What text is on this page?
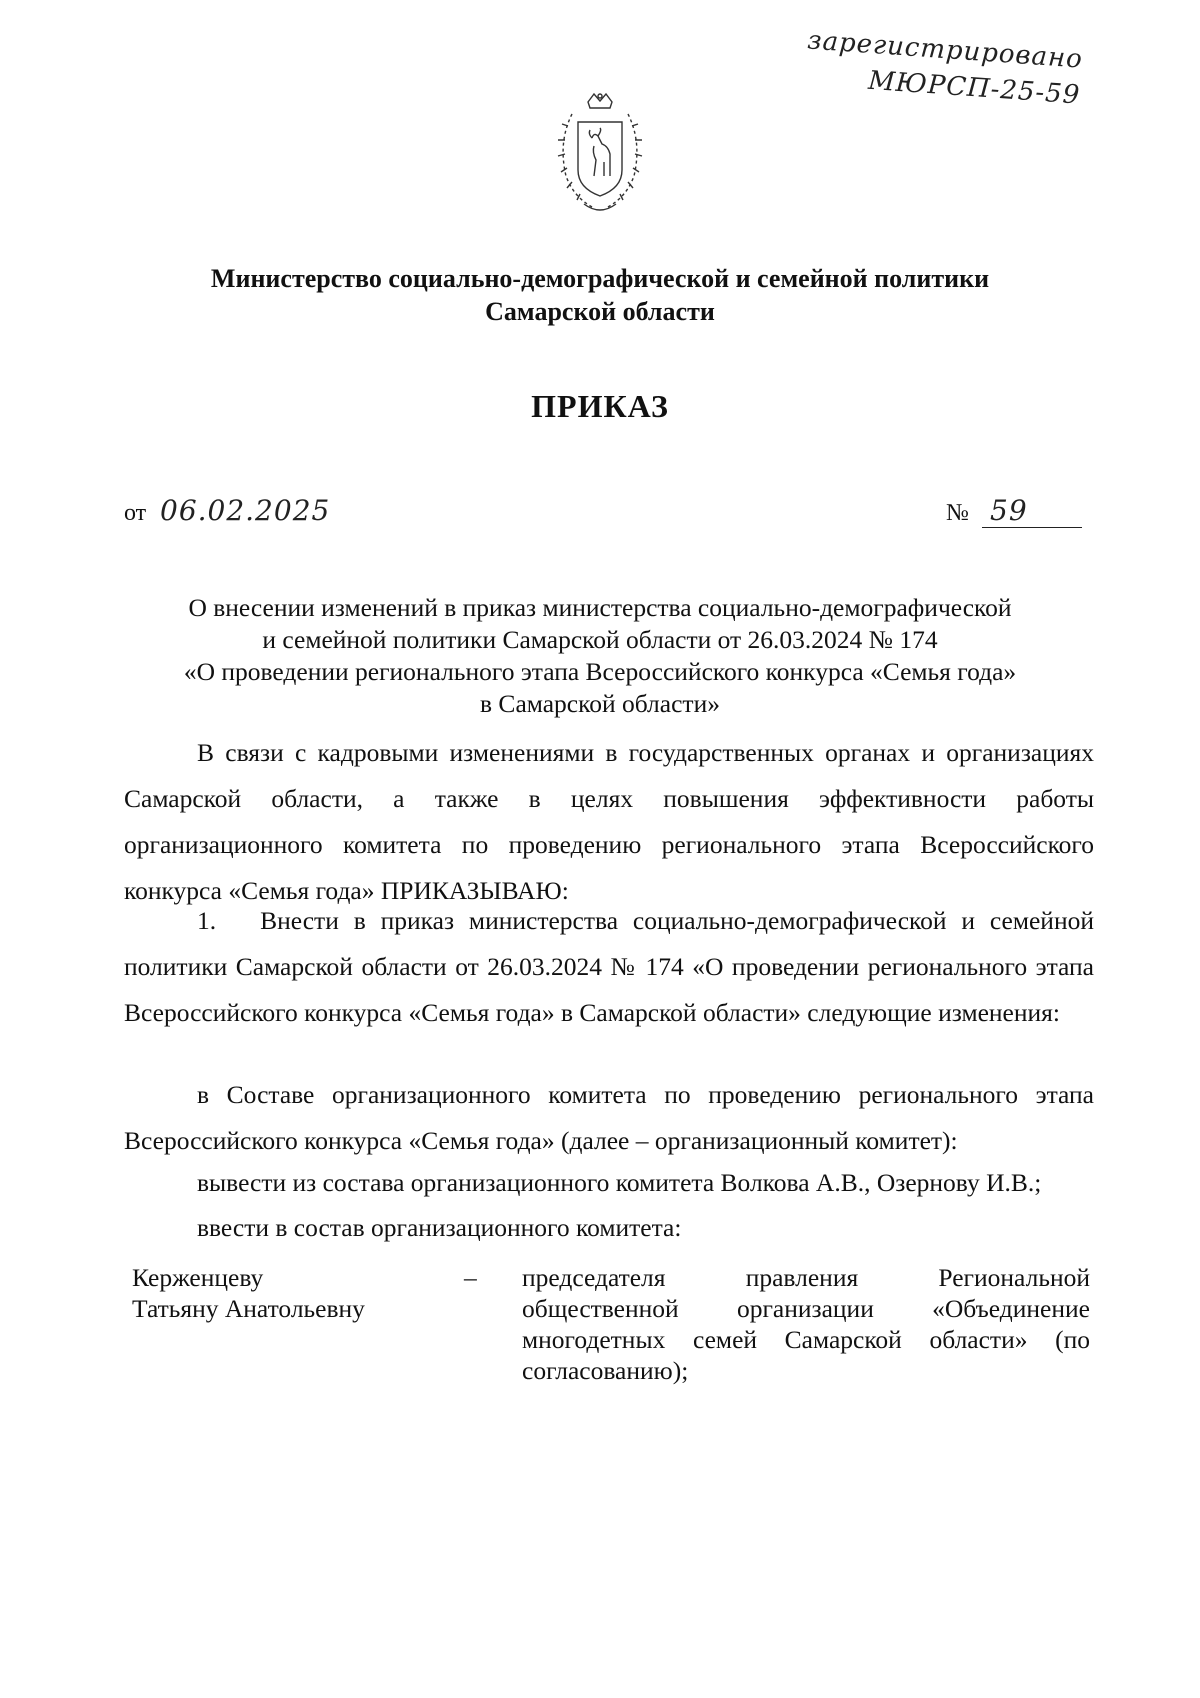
зарегистрировано
МЮРСП-25-59
Министерство социально-демографической и семейной политики
Самарской области
ПРИКАЗ
от 06.02.2025	№ 59
О внесении изменений в приказ министерства социально-демографической
и семейной политики Самарской области от 26.03.2024 № 174
«О проведении регионального этапа Всероссийского конкурса «Семья года»
в Самарской области»
В связи с кадровыми изменениями в государственных органах и организациях Самарской области, а также в целях повышения эффективности работы организационного комитета по проведению регионального этапа Всероссийского конкурса «Семья года» ПРИКАЗЫВАЮ:
1. Внести в приказ министерства социально-демографической и семейной политики Самарской области от 26.03.2024 № 174 «О проведении регионального этапа Всероссийского конкурса «Семья года» в Самарской области» следующие изменения:
в Составе организационного комитета по проведению регионального этапа Всероссийского конкурса «Семья года» (далее – организационный комитет):
вывести из состава организационного комитета Волкова А.В., Озернову И.В.;
ввести в состав организационного комитета:
Керженцеву
Татьяну Анатольевну
– председателя правления Региональной общественной организации «Объединение многодетных семей Самарской области» (по согласованию);
